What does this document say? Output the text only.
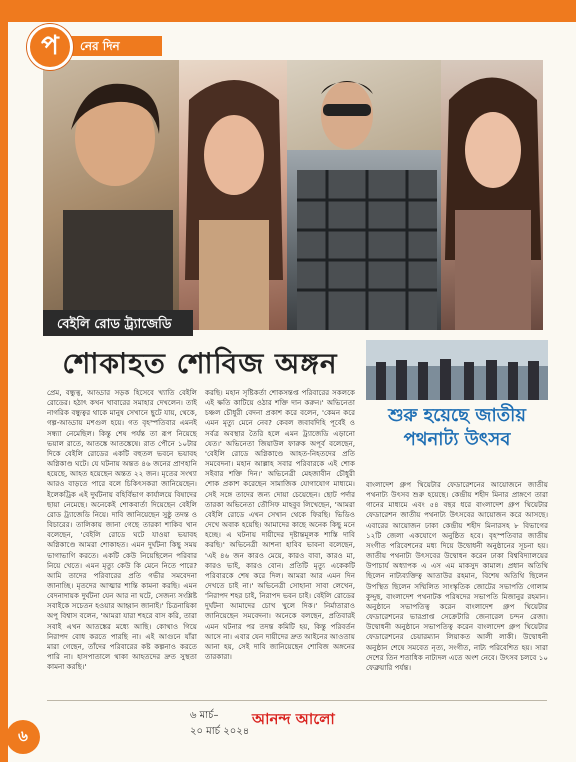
প	নের দিন
বেইলি রোড ট্র্যাজেডি
শোকাহত শোবিজ অঙ্গন

প্রেম, বন্ধুত্ব, আড্ডার সড়ক হিসেবে খ্যাতি বেইলি রোডের। হঠাৎ কখন খাবারের সমাহার দেখলেন। তাই নাগরিক বন্ধুত্বর থাকে মানুষ সেখানে ছুটে যায়, থেকে, গল্প-আড্ডায় মশগুল হয়ে। গত বৃহস্পতিবার এমনই সন্ধ্যা নেমেছিল। কিন্তু শেষ পর্যন্ত তা রূপ নিয়েছে ভয়াল রাতে, আতঙ্কে আতঙ্কেষে। রাত পৌনে ১০টার দিকে বেইলি রোডের একটি বহুতল ভবনে ভয়াবহ অগ্নিকাণ্ড ঘটে। যে ঘটনায় অন্তত ৪৬ জনের প্রাণহানি হয়েছে, আহত হয়েছেন অন্তত ২২ জন। মৃতের সংখ্যা আরও বাড়তে পারে বলে চিকিৎসকরা জানিয়েছেন। ইলেকট্রিক এই দুর্ঘটনায় বহির্বিভাগ কার্যালয়ে বিষাদের ছায়া নেমেছে। অনেকেই শোকবার্তা দিয়েছেন বেইলি রোড ট্র্যাজেডি নিয়ে। দাবি জানিয়েছেন সুষ্ঠু তদন্ত ও বিচারের। তালিকায় জানা গেছে তারকা শাকিব খান বলেছেন, 'বেইলি রোডে ঘটে যাওয়া ভয়াবহ অগ্নিকাণ্ডে আমরা শোকাহত। এমন দুর্ঘটনা কিছু সময় ভাগাভাগি করতে। একটি কেউ নিয়েছিলেন পরিবার নিয়ে খেতে। এমন মৃত্যু কেউ কি মেনে নিতে পারে? আমি তাদের পরিবারের প্রতি গভীর সমবেদনা জানাচ্ছি। মৃতদের আত্মার শান্তি কামনা করছি। এমন বেদনাদায়ক দুর্ঘটনা যেন আর না ঘটে, সেজন্য সংশ্লিষ্ট সবাইকে সচেতন হওয়ার আহ্বান জানাই।' চিত্রনায়িকা অপু বিশ্বাস বলেন, 'আমরা যারা শহরে বাস করি, তারা সবাই এখন আতঙ্কের মধ্যে আছি। কোথাও গিয়ে নিরাপদ বোধ করতে পারছি না। এই আগুনে যাঁরা মারা গেছেন, তাঁদের পরিবারের কষ্ট কল্পনাও করতে পারি না। হাসপাতালে থাকা আহতদের দ্রুত সুস্থতা কামনা করছি।'

করছি। মহান সৃষ্টিকর্তা শোকসন্তপ্ত পরিবারের সকলকে এই ক্ষতি কাটিয়ে ওঠার শক্তি দান করুন।' অভিনেতা চঞ্চল চৌধুরী বেদনা প্রকাশ করে বলেন, 'কেমন করে এমন মৃত্যু মেনে নেব? কেবল জবাবদিহি পূর্বেই ও সর্বত্র অবস্থার তৈরি হলে এমন ট্র্যাজেডি এড়ানো যেত।' অভিনেতা জিয়াউল ফারুক অপূর্ব বলেছেন, 'বেইলি রোডে অগ্নিকাণ্ডে আহত-নিহতদের প্রতি সমবেদনা। মহান আল্লাহ সবার পরিবারকে এই শোক সইবার শক্তি দিন।' অভিনেত্রী মেহজাবীন চৌধুরী শোক প্রকাশ করেছেন সামাজিক যোগাযোগ মাধ্যমে। সেই সঙ্গে তাদের জন্য দোয়া চেয়েছেন। ছোট পর্দার তারকা অভিনেতা তৌসিফ মাহবুব লিখেছেন, 'আমরা বেইলি রোডে এখন সেখান থেকে ফিরছি। ভিডিও দেখে অবাক হয়েছি। আমাদের কাছে অনেক কিছু মনে হচ্ছে। এ ঘটনায় দায়ীদের দৃষ্টান্তমূলক শাস্তি দাবি করছি।' অভিনেত্রী আশনা হাবিব ভাবনা বলেছেন, 'এই ৪৬ জন কারও মেয়ে, কারও বাবা, কারও মা, কারও ভাই, কারও বোন। প্রতিটি মৃত্যু একেকটি পরিবারকে শেষ করে দিল। আমরা আর এমন দিন দেখতে চাই না।' অভিনেত্রী সোহানা সাবা লেখেন, 'নিরাপদ শহর চাই, নিরাপদ ভবন চাই। বেইলি রোডের দুর্ঘটনা আমাদের চোখ খুলে দিক।' নির্মাতারাও জানিয়েছেন সমবেদনা। অনেকে বলছেন, প্রতিবারই এমন ঘটনার পর তদন্ত কমিটি হয়, কিন্তু পরিবর্তন আসে না। এবার যেন দায়ীদের দ্রুত আইনের আওতায় আনা হয়, সেই দাবি জানিয়েছেন শোবিজ অঙ্গনের তারকারা।

শুরু হয়েছে জাতীয়
পথনাট্য উৎসব
বাংলাদেশ গ্রুপ থিয়েটার ফেডারেশনের আয়োজনে জাতীয় পথনাট্য উৎসব শুরু হয়েছে। কেন্দ্রীয় শহীদ মিনার প্রাঙ্গণে তারা গানের মাধ্যমে এবং ৫৪ বছর ধরে বাংলাদেশ গ্রুপ থিয়েটার ফেডারেশন জাতীয় পথনাট্য উৎসবের আয়োজন করে আসছে। এবারের আয়োজন ঢাকা কেন্দ্রীয় শহীদ মিনারসহ ৮ বিভাগের ১২টি জেলা একযোগে অনুষ্ঠিত হবে। বৃহস্পতিবার জাতীয় সংগীত পরিবেশনের মধ্য দিয়ে উদ্বোধনী অনুষ্ঠানের সূচনা হয়। জাতীয় পথনাট্য উৎসবের উদ্বোধন করেন ঢাকা বিশ্ববিদ্যালয়ের উপাচার্য অধ্যাপক এ এস এম মাকসুদ কামাল। প্রধান অতিথি ছিলেন নাট্যব্যক্তিত্ব আতাউর রহমান, বিশেষ অতিথি ছিলেন উপস্থিত ছিলেন সম্মিলিত সাংস্কৃতিক জোটের সভাপতি গোলাম কুদ্দুছ, বাংলাদেশ পথনাটক পরিষদের সভাপতি মিজানুর রহমান। অনুষ্ঠানে সভাপতিত্ব করেন বাংলাদেশ গ্রুপ থিয়েটার ফেডারেশনের ভারপ্রাপ্ত সেক্রেটারি জেনারেল চন্দন রেজা। উদ্বোধনী অনুষ্ঠানে সভাপতিত্ব করেন বাংলাদেশ গ্রুপ থিয়েটার ফেডারেশনের চেয়ারম্যান লিয়াকত আলী লাকী। উদ্বোধনী অনুষ্ঠান শেষে সমবেত নৃত্য, সংগীত, নাট্য পরিবেশিত হয়। সারা দেশের তিন শতাধিক নাট্যদল এতে অংশ নেবে। উৎসব চলবে ১০ ফেব্রুয়ারি পর্যন্ত।
৬
৬ মার্চ–
২০ মার্চ ২০২৪
আনন্দ আলো
